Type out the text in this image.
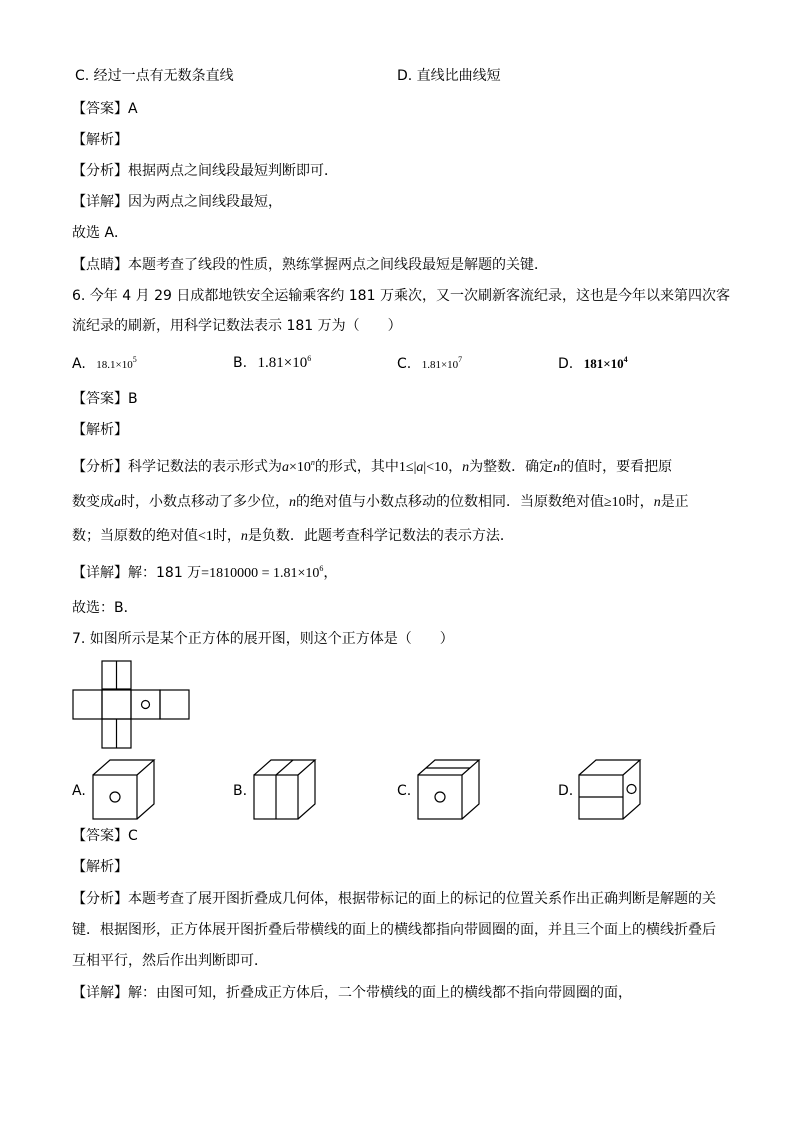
C. 经过一点有无数条直线	D. 直线比曲线短
【答案】A
【解析】
【分析】根据两点之间线段最短判断即可．
【详解】因为两点之间线段最短，
故选 A．
【点睛】本题考查了线段的性质，熟练掌握两点之间线段最短是解题的关键．
6. 今年 4 月 29 日成都地铁安全运输乘客约 181 万乘次，又一次刷新客流纪录，这也是今年以来第四次客
流纪录的刷新，用科学记数法表示 181 万为（　　）
A. $18.1\times 10^5$	B. $1.81\times 10^6$	C. $1.81\times 10^7$	D. $181\times 10^4$
【答案】B
【解析】
【分析】科学记数法的表示形式为$a\times 10^n$的形式，其中1≤|a|<10，n为整数．确定n的值时，要看把原
数变成a时，小数点移动了多少位，n的绝对值与小数点移动的位数相同．当原数绝对值≥10时，n是正
数；当原数的绝对值<1时，n是负数．此题考查科学记数法的表示方法．
【详解】解：181 万$=1810000 = 1.81\times 10^6$，
故选：B．
7. 如图所示是某个正方体的展开图，则这个正方体是（　　）
A.	B.	C.	D.
【答案】C
【解析】
【分析】本题考查了展开图折叠成几何体，根据带标记的面上的标记的位置关系作出正确判断是解题的关
键．根据图形，正方体展开图折叠后带横线的面上的横线都指向带圆圈的面，并且三个面上的横线折叠后
互相平行，然后作出判断即可．
【详解】解：由图可知，折叠成正方体后，二个带横线的面上的横线都不指向带圆圈的面，
